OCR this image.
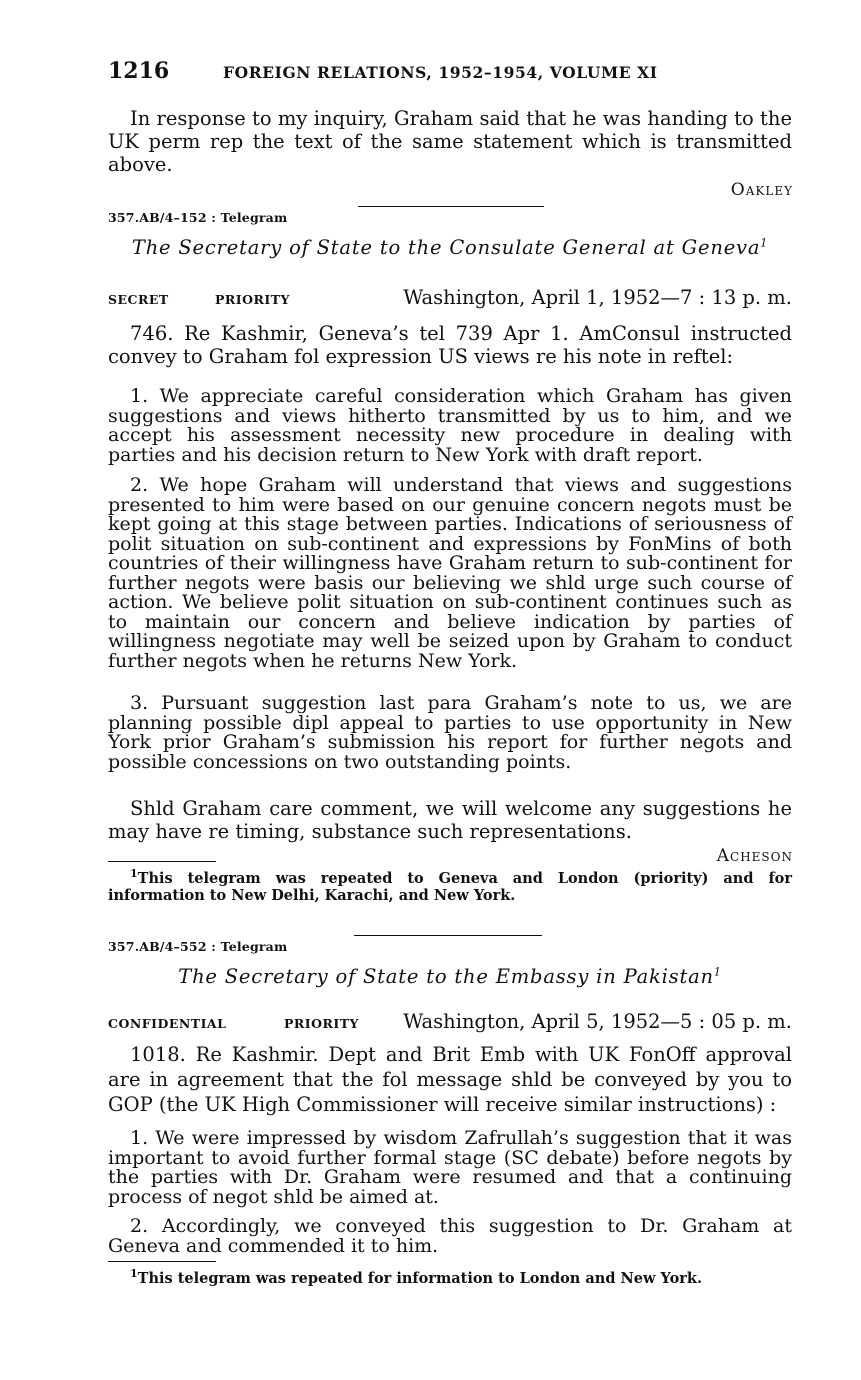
1216	FOREIGN RELATIONS, 1952–1954, VOLUME XI
In response to my inquiry, Graham said that he was handing to the UK perm rep the text of the same statement which is transmitted above.
Oakley
357.AB/4–152 : Telegram
The Secretary of State to the Consulate General at Geneva$^1$
SECRET	PRIORITY	Washington, April 1, 1952—7 : 13 p. m.
746. Re Kashmir, Geneva’s tel 739 Apr 1. AmConsul instructed convey to Graham fol expression US views re his note in reftel:
1. We appreciate careful consideration which Graham has given suggestions and views hitherto transmitted by us to him, and we accept his assessment necessity new procedure in dealing with parties and his decision return to New York with draft report.
2. We hope Graham will understand that views and suggestions presented to him were based on our genuine concern negots must be kept going at this stage between parties. Indications of seriousness of polit situation on sub-continent and expressions by FonMins of both countries of their willingness have Graham return to sub-continent for further negots were basis our believing we shld urge such course of action. We believe polit situation on sub-continent continues such as to maintain our concern and believe indication by parties of willingness negotiate may well be seized upon by Graham to conduct further negots when he returns New York.
3. Pursuant suggestion last para Graham’s note to us, we are planning possible dipl appeal to parties to use opportunity in New York prior Graham’s submission his report for further negots and possible concessions on two outstanding points.
Shld Graham care comment, we will welcome any suggestions he may have re timing, substance such representations.
Acheson
$^1$This telegram was repeated to Geneva and London (priority) and for information to New Delhi, Karachi, and New York.
357.AB/4–552 : Telegram
The Secretary of State to the Embassy in Pakistan$^1$
CONFIDENTIAL	PRIORITY Washington, April 5, 1952—5 : 05 p. m.
1018. Re Kashmir. Dept and Brit Emb with UK FonOff approval are in agreement that the fol message shld be conveyed by you to GOP (the UK High Commissioner will receive similar instructions) :
1. We were impressed by wisdom Zafrullah’s suggestion that it was important to avoid further formal stage (SC debate) before negots by the parties with Dr. Graham were resumed and that a continuing process of negot shld be aimed at.
2. Accordingly, we conveyed this suggestion to Dr. Graham at Geneva and commended it to him.
$^1$This telegram was repeated for information to London and New York.
